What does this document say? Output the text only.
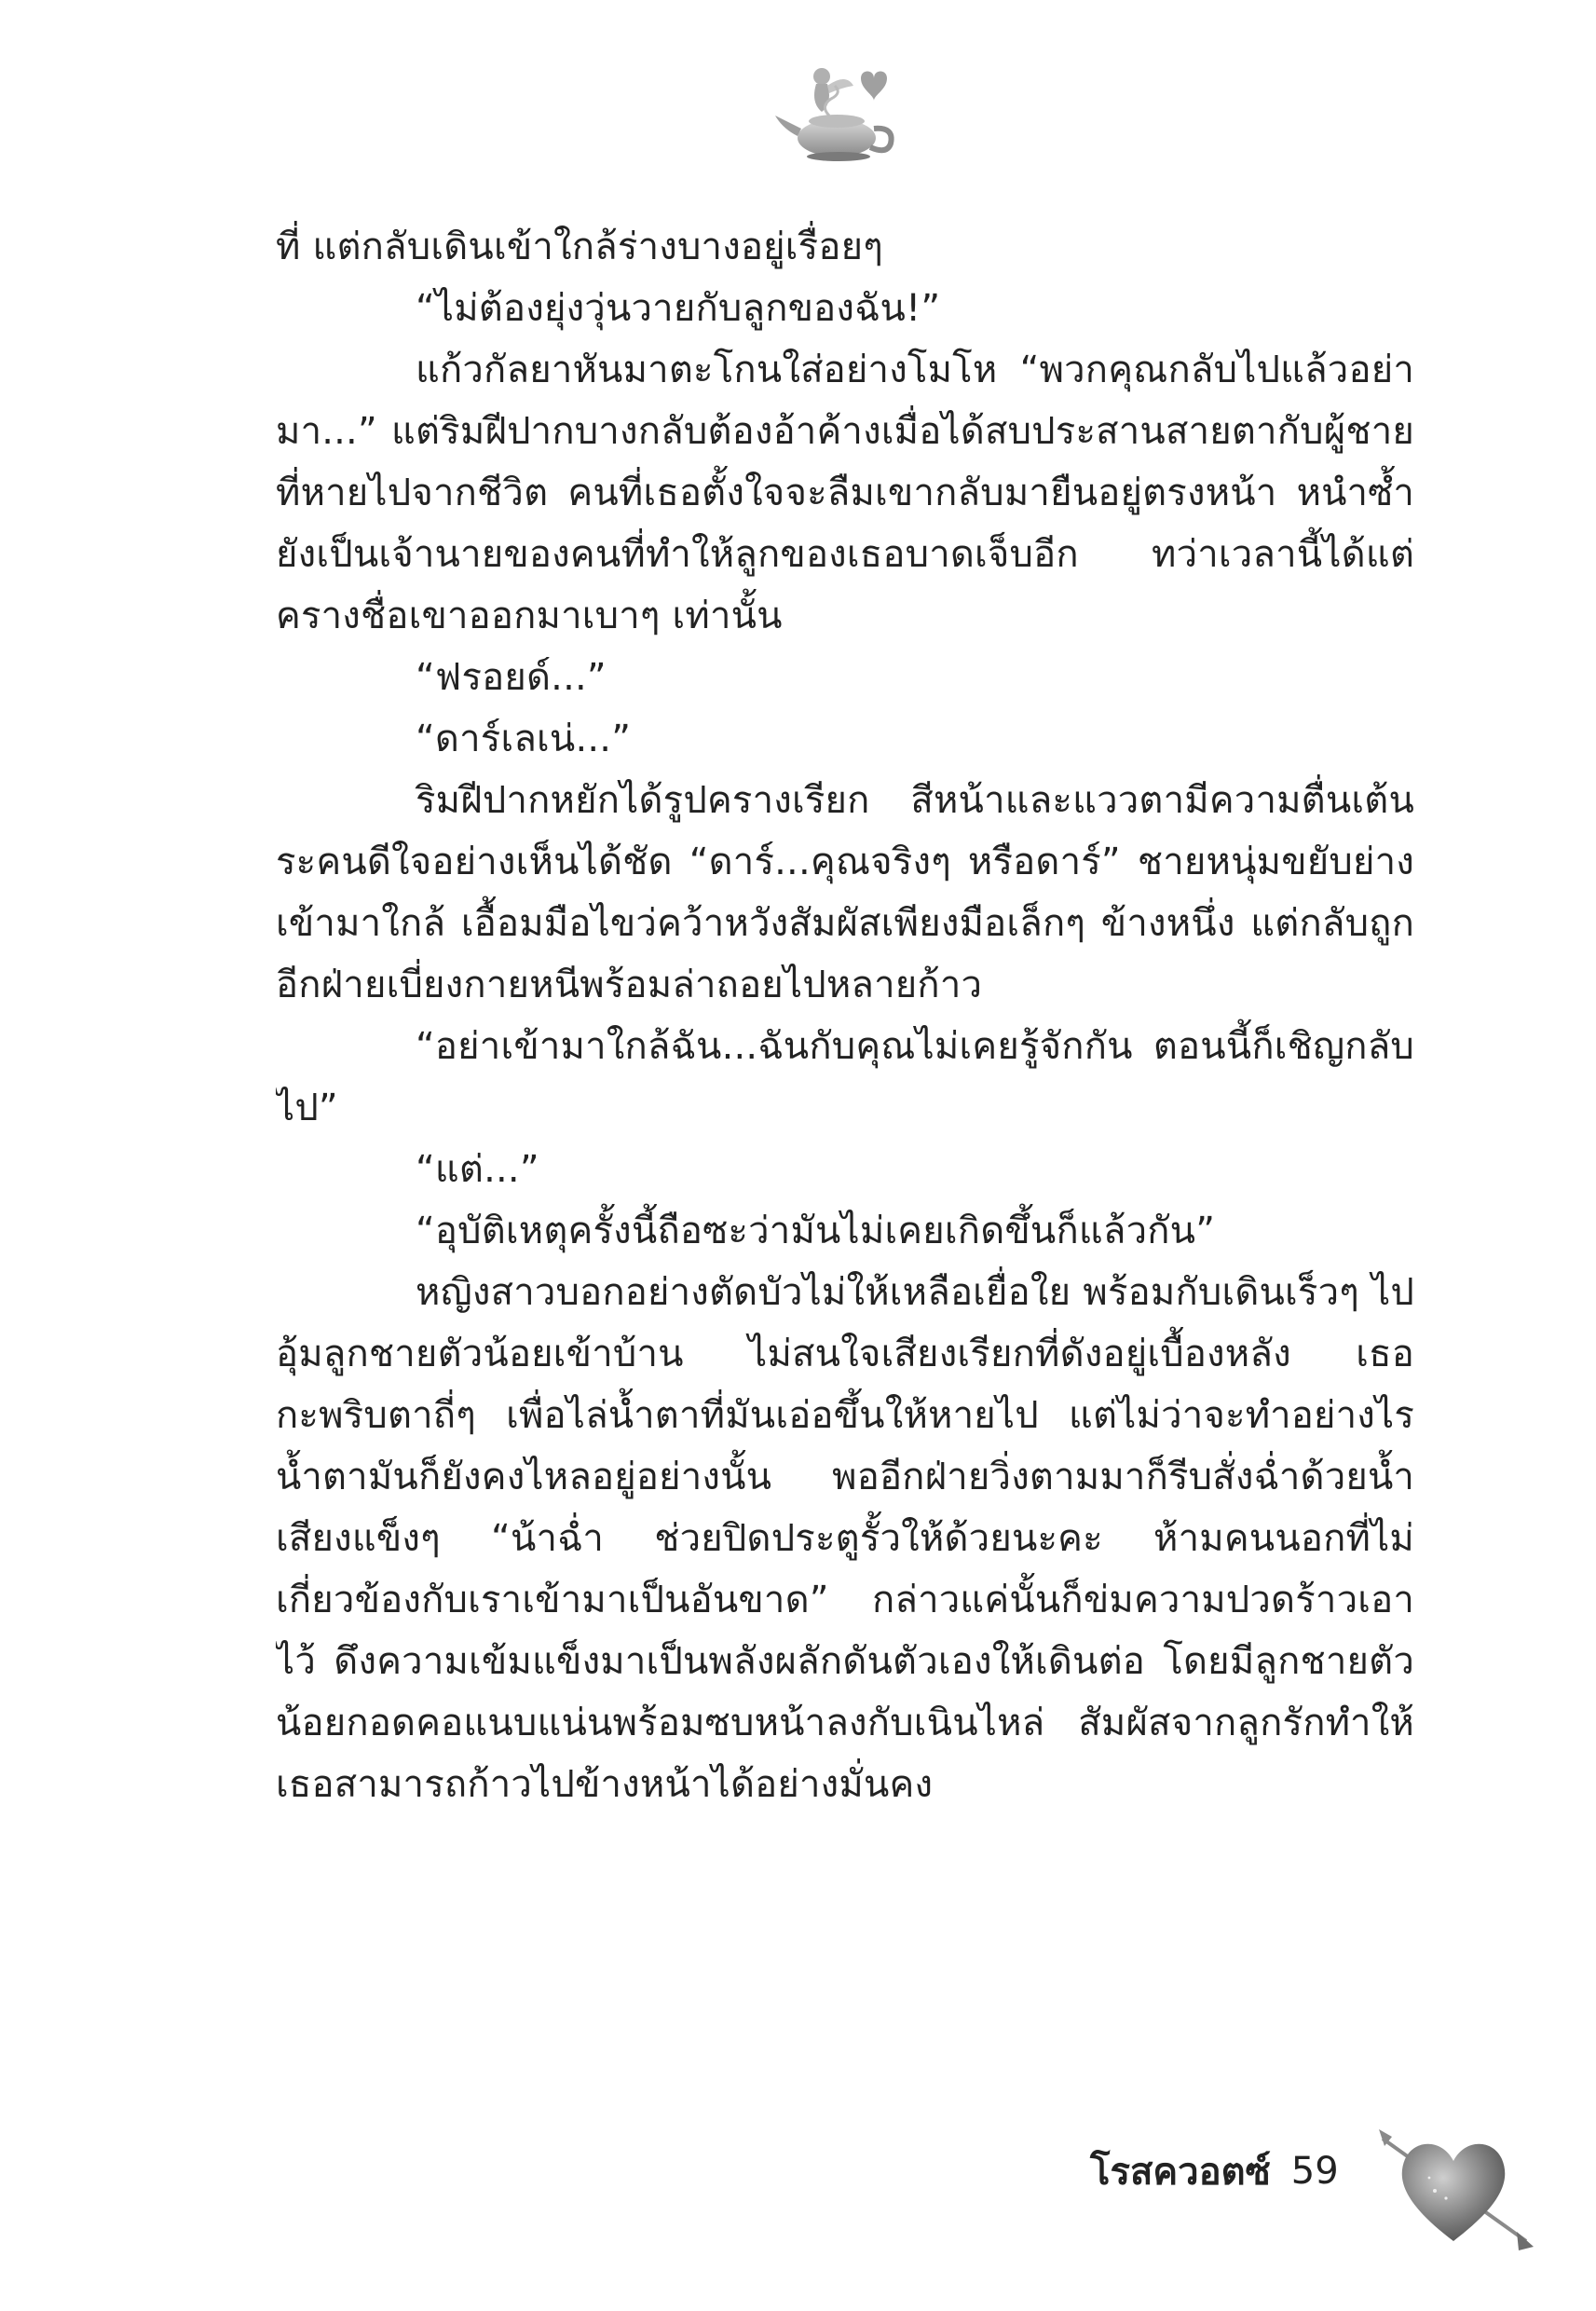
ที่ แต่กลับเดินเข้าใกล้ร่างบางอยู่เรื่อยๆ

“ไม่ต้องยุ่งวุ่นวายกับลูกของฉัน!”

แก้วกัลยาหันมาตะโกนใส่อย่างโมโห “พวกคุณกลับไปแล้วอย่ามา...” แต่ริมฝีปากบางกลับต้องอ้าค้างเมื่อได้สบประสานสายตากับผู้ชายที่หายไปจากชีวิต คนที่เธอตั้งใจจะลืมเขากลับมายืนอยู่ตรงหน้า หนำซ้ำยังเป็นเจ้านายของคนที่ทำให้ลูกของเธอบาดเจ็บอีก ทว่าเวลานี้ได้แต่ครางชื่อเขาออกมาเบาๆ เท่านั้น

“ฟรอยด์...”

“ดาร์เลเน่...”

ริมฝีปากหยักได้รูปครางเรียก สีหน้าและแววตามีความตื่นเต้นระคนดีใจอย่างเห็นได้ชัด “ดาร์...คุณจริงๆ หรือดาร์” ชายหนุ่มขยับย่างเข้ามาใกล้ เอื้อมมือไขว่คว้าหวังสัมผัสเพียงมือเล็กๆ ข้างหนึ่ง แต่กลับถูกอีกฝ่ายเบี่ยงกายหนีพร้อมล่าถอยไปหลายก้าว

“อย่าเข้ามาใกล้ฉัน...ฉันกับคุณไม่เคยรู้จักกัน ตอนนี้ก็เชิญกลับไป”

“แต่...”

“อุบัติเหตุครั้งนี้ถือซะว่ามันไม่เคยเกิดขึ้นก็แล้วกัน”

หญิงสาวบอกอย่างตัดบัวไม่ให้เหลือเยื่อใย พร้อมกับเดินเร็วๆ ไปอุ้มลูกชายตัวน้อยเข้าบ้าน ไม่สนใจเสียงเรียกที่ดังอยู่เบื้องหลัง เธอกะพริบตาถี่ๆ เพื่อไล่น้ำตาที่มันเอ่อขึ้นให้หายไป แต่ไม่ว่าจะทำอย่างไรน้ำตามันก็ยังคงไหลอยู่อย่างนั้น พออีกฝ่ายวิ่งตามมาก็รีบสั่งฉ่ำด้วยน้ำเสียงแข็งๆ “น้าฉ่ำ ช่วยปิดประตูรั้วให้ด้วยนะคะ ห้ามคนนอกที่ไม่เกี่ยวข้องกับเราเข้ามาเป็นอันขาด” กล่าวแค่นั้นก็ข่มความปวดร้าวเอาไว้ ดึงความเข้มแข็งมาเป็นพลังผลักดันตัวเองให้เดินต่อ โดยมีลูกชายตัวน้อยกอดคอแนบแน่นพร้อมซบหน้าลงกับเนินไหล่ สัมผัสจากลูกรักทำให้เธอสามารถก้าวไปข้างหน้าได้อย่างมั่นคง

โรสควอตซ์ 59
